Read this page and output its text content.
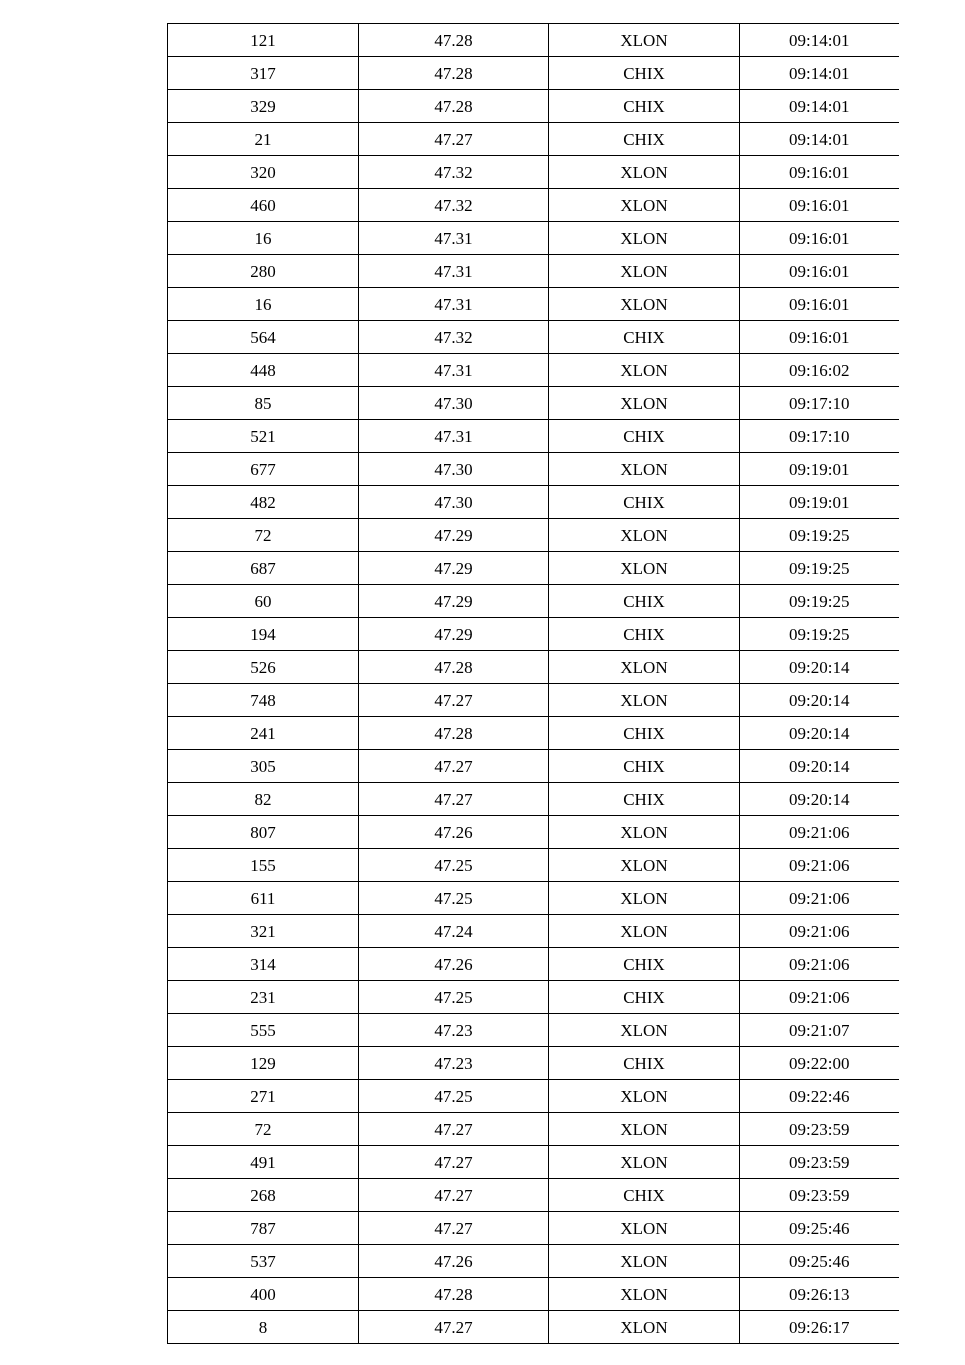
121	47.28	XLON	09:14:01
317	47.28	CHIX	09:14:01
329	47.28	CHIX	09:14:01
21	47.27	CHIX	09:14:01
320	47.32	XLON	09:16:01
460	47.32	XLON	09:16:01
16	47.31	XLON	09:16:01
280	47.31	XLON	09:16:01
16	47.31	XLON	09:16:01
564	47.32	CHIX	09:16:01
448	47.31	XLON	09:16:02
85	47.30	XLON	09:17:10
521	47.31	CHIX	09:17:10
677	47.30	XLON	09:19:01
482	47.30	CHIX	09:19:01
72	47.29	XLON	09:19:25
687	47.29	XLON	09:19:25
60	47.29	CHIX	09:19:25
194	47.29	CHIX	09:19:25
526	47.28	XLON	09:20:14
748	47.27	XLON	09:20:14
241	47.28	CHIX	09:20:14
305	47.27	CHIX	09:20:14
82	47.27	CHIX	09:20:14
807	47.26	XLON	09:21:06
155	47.25	XLON	09:21:06
611	47.25	XLON	09:21:06
321	47.24	XLON	09:21:06
314	47.26	CHIX	09:21:06
231	47.25	CHIX	09:21:06
555	47.23	XLON	09:21:07
129	47.23	CHIX	09:22:00
271	47.25	XLON	09:22:46
72	47.27	XLON	09:23:59
491	47.27	XLON	09:23:59
268	47.27	CHIX	09:23:59
787	47.27	XLON	09:25:46
537	47.26	XLON	09:25:46
400	47.28	XLON	09:26:13
8	47.27	XLON	09:26:17
